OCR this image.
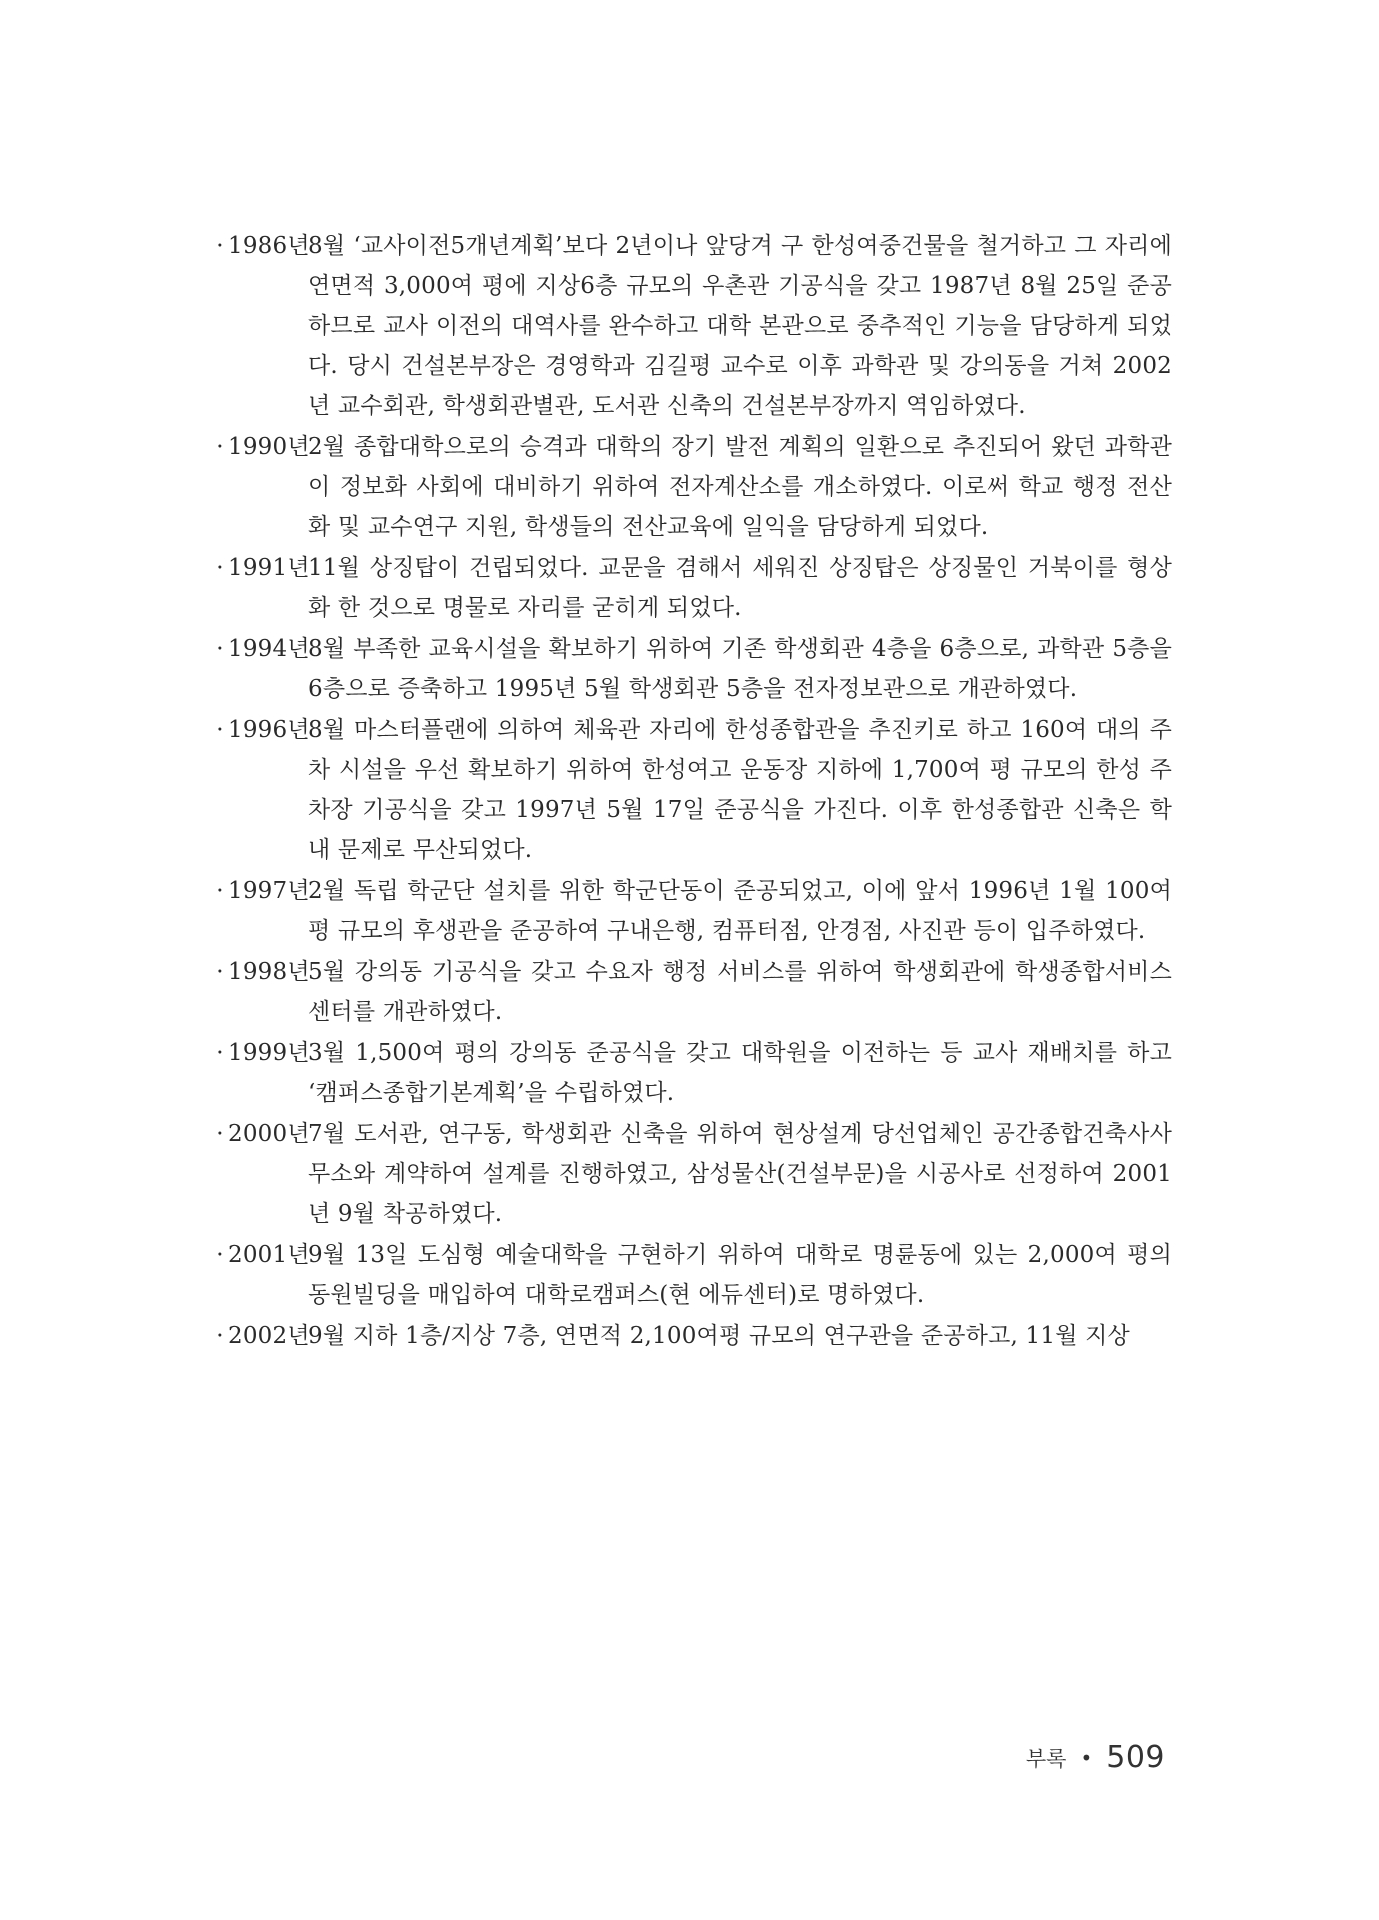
· 1986년
8월 ‘교사이전5개년계획’보다 2년이나 앞당겨 구 한성여중건물을 철거하고 그 자리에 연면적 3,000여 평에 지상6층 규모의 우촌관 기공식을 갖고 1987년 8월 25일 준공하므로 교사 이전의 대역사를 완수하고 대학 본관으로 중추적인 기능을 담당하게 되었다. 당시 건설본부장은 경영학과 김길평 교수로 이후 과학관 및 강의동을 거쳐 2002년 교수회관, 학생회관별관, 도서관 신축의 건설본부장까지 역임하였다.
· 1990년
2월 종합대학으로의 승격과 대학의 장기 발전 계획의 일환으로 추진되어 왔던 과학관이 정보화 사회에 대비하기 위하여 전자계산소를 개소하였다. 이로써 학교 행정 전산화 및 교수연구 지원, 학생들의 전산교육에 일익을 담당하게 되었다.
· 1991년
11월 상징탑이 건립되었다. 교문을 겸해서 세워진 상징탑은 상징물인 거북이를 형상화 한 것으로 명물로 자리를 굳히게 되었다.
· 1994년
8월 부족한 교육시설을 확보하기 위하여 기존 학생회관 4층을 6층으로, 과학관 5층을 6층으로 증축하고 1995년 5월 학생회관 5층을 전자정보관으로 개관하였다.
· 1996년
8월 마스터플랜에 의하여 체육관 자리에 한성종합관을 추진키로 하고 160여 대의 주차 시설을 우선 확보하기 위하여 한성여고 운동장 지하에 1,700여 평 규모의 한성 주차장 기공식을 갖고 1997년 5월 17일 준공식을 가진다. 이후 한성종합관 신축은 학내 문제로 무산되었다.
· 1997년
2월 독립 학군단 설치를 위한 학군단동이 준공되었고, 이에 앞서 1996년 1월 100여 평 규모의 후생관을 준공하여 구내은행, 컴퓨터점, 안경점, 사진관 등이 입주하였다.
· 1998년
5월 강의동 기공식을 갖고 수요자 행정 서비스를 위하여 학생회관에 학생종합서비스센터를 개관하였다.
· 1999년
3월 1,500여 평의 강의동 준공식을 갖고 대학원을 이전하는 등 교사 재배치를 하고 ‘캠퍼스종합기본계획’을 수립하였다.
· 2000년
7월 도서관, 연구동, 학생회관 신축을 위하여 현상설계 당선업체인 공간종합건축사사무소와 계약하여 설계를 진행하였고, 삼성물산(건설부문)을 시공사로 선정하여 2001년 9월 착공하였다.
· 2001년
9월 13일 도심형 예술대학을 구현하기 위하여 대학로 명륜동에 있는 2,000여 평의 동원빌딩을 매입하여 대학로캠퍼스(현 에듀센터)로 명하였다.
· 2002년
9월 지하 1층/지상 7층, 연면적 2,100여평 규모의 연구관을 준공하고, 11월 지상
부록 • 509
